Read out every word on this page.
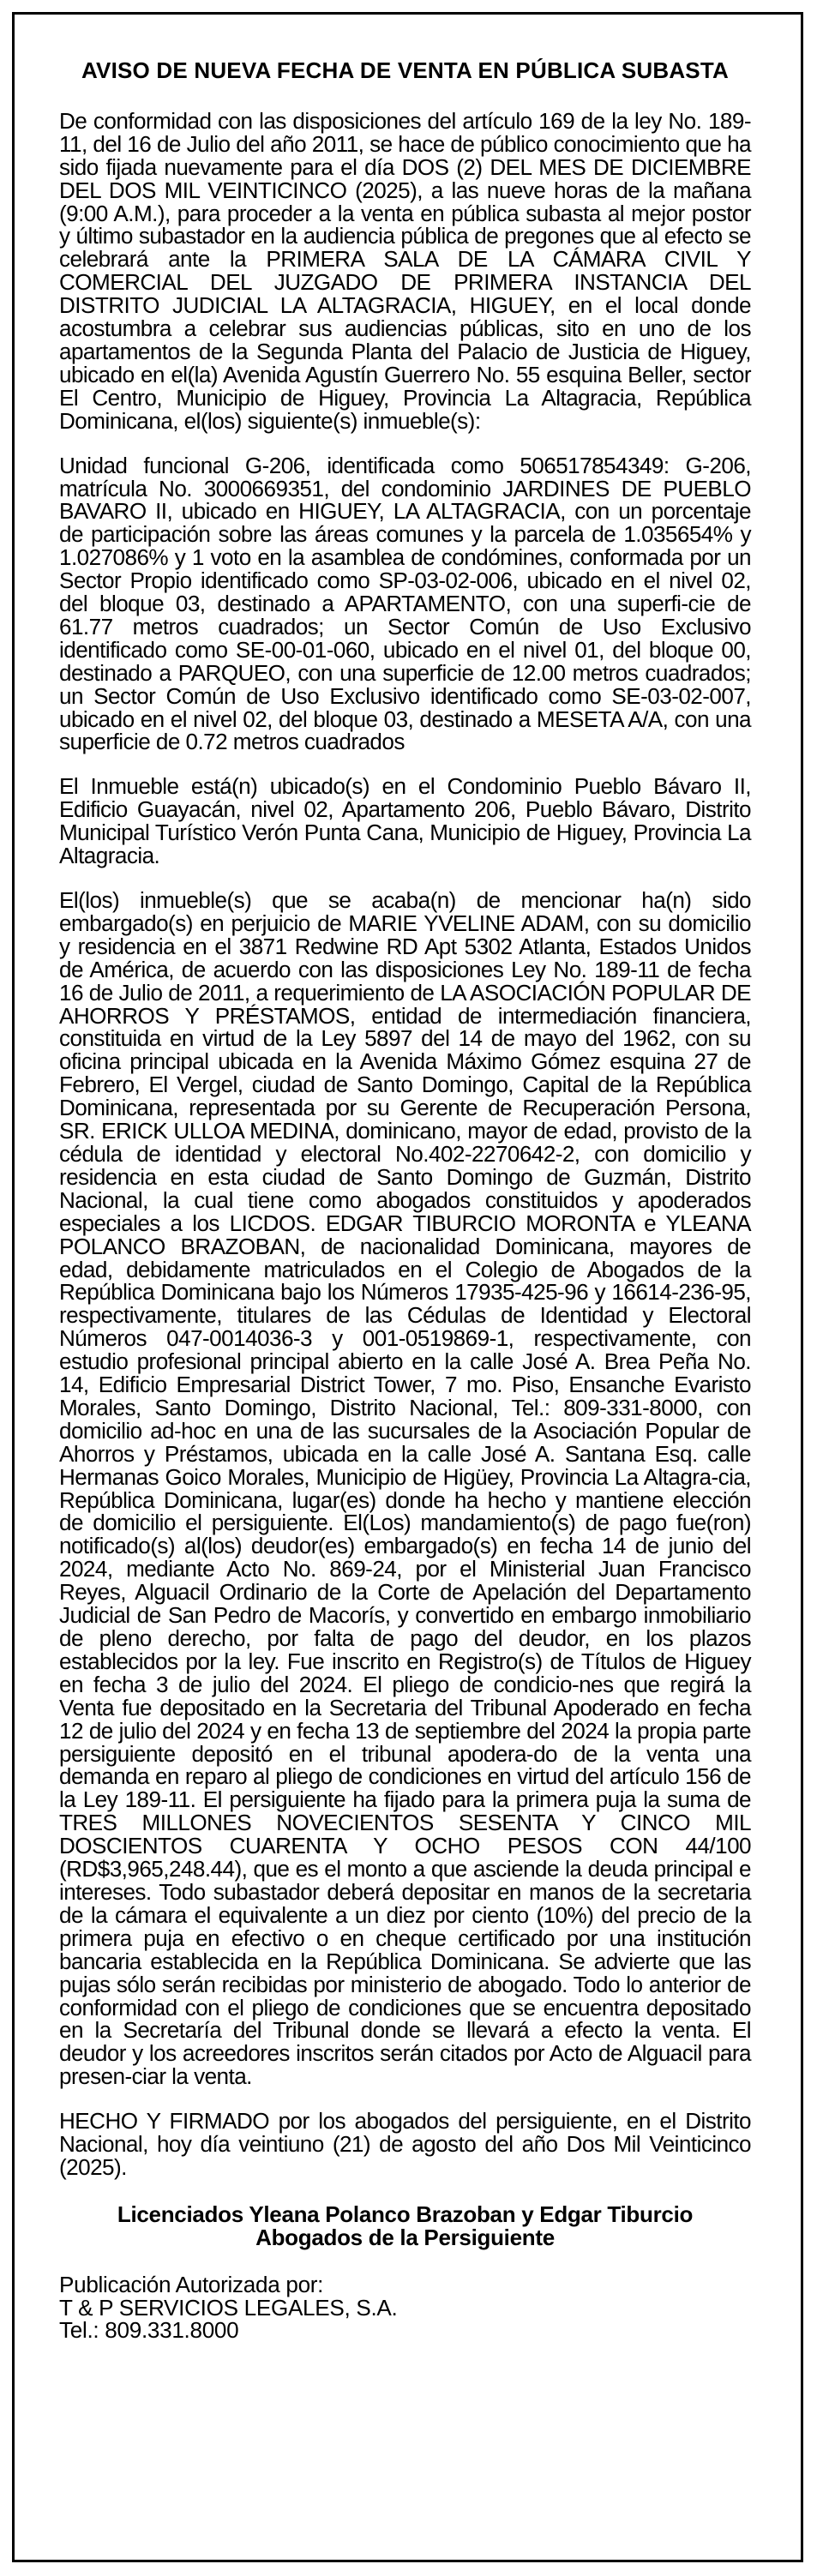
AVISO DE NUEVA FECHA DE VENTA EN PÚBLICA SUBASTA

De conformidad con las disposiciones del artículo 169 de la ley No. 189-11, del 16 de Julio del año 2011, se hace de público conocimiento que ha sido fijada nuevamente para el día DOS (2) DEL MES DE DICIEMBRE DEL DOS MIL VEINTICINCO (2025), a las nueve horas de la mañana (9:00 A.M.), para proceder a la venta en pública subasta al mejor postor y último subastador en la audiencia pública de pregones que al efecto se celebrará ante la PRIMERA SALA DE LA CÁMARA CIVIL Y COMERCIAL DEL JUZGADO DE PRIMERA INSTANCIA DEL DISTRITO JUDICIAL LA ALTAGRACIA, HIGUEY, en el local donde acostumbra a celebrar sus audiencias públicas, sito en uno de los apartamentos de la Segunda Planta del Palacio de Justicia de Higuey, ubicado en el(la) Avenida Agustín Guerrero No. 55 esquina Beller, sector El Centro, Municipio de Higuey, Provincia La Altagracia, República Dominicana, el(los) siguiente(s) inmueble(s):

Unidad funcional G-206, identificada como 506517854349: G-206, matrícula No. 3000669351, del condominio JARDINES DE PUEBLO BAVARO II, ubicado en HIGUEY, LA ALTAGRACIA, con un porcentaje de participación sobre las áreas comunes y la parcela de 1.035654% y 1.027086% y 1 voto en la asamblea de condómines, conformada por un Sector Propio identificado como SP-03-02-006, ubicado en el nivel 02, del bloque 03, destinado a APARTAMENTO, con una superfi-cie de 61.77 metros cuadrados; un Sector Común de Uso Exclusivo identificado como SE-00-01-060, ubicado en el nivel 01, del bloque 00, destinado a PARQUEO, con una superficie de 12.00 metros cuadrados; un Sector Común de Uso Exclusivo identificado como SE-03-02-007, ubicado en el nivel 02, del bloque 03, destinado a MESETA A/A, con una superficie de 0.72 metros cuadrados

El Inmueble está(n) ubicado(s) en el Condominio Pueblo Bávaro II, Edificio Guayacán, nivel 02, Apartamento 206, Pueblo Bávaro, Distrito Municipal Turístico Verón Punta Cana, Municipio de Higuey, Provincia La Altagracia.

El(los) inmueble(s) que se acaba(n) de mencionar ha(n) sido embargado(s) en perjuicio de MARIE YVELINE ADAM, con su domicilio y residencia en el 3871 Redwine RD Apt 5302 Atlanta, Estados Unidos de América, de acuerdo con las disposiciones Ley No. 189-11 de fecha 16 de Julio de 2011, a requerimiento de LA ASOCIACIÓN POPULAR DE AHORROS Y PRÉSTAMOS, entidad de intermediación financiera, constituida en virtud de la Ley 5897 del 14 de mayo del 1962, con su oficina principal ubicada en la Avenida Máximo Gómez esquina 27 de Febrero, El Vergel, ciudad de Santo Domingo, Capital de la República Dominicana, representada por su Gerente de Recuperación Persona, SR. ERICK ULLOA MEDINA, dominicano, mayor de edad, provisto de la cédula de identidad y electoral No.402-2270642-2, con domicilio y residencia en esta ciudad de Santo Domingo de Guzmán, Distrito Nacional, la cual tiene como abogados constituidos y apoderados especiales a los LICDOS. EDGAR TIBURCIO MORONTA e YLEANA POLANCO BRAZOBAN, de nacionalidad Dominicana, mayores de edad, debidamente matriculados en el Colegio de Abogados de la República Dominicana bajo los Números 17935-425-96 y 16614-236-95, respectivamente, titulares de las Cédulas de Identidad y Electoral Números 047-0014036-3 y 001-0519869-1, respectivamente, con estudio profesional principal abierto en la calle José A. Brea Peña No. 14, Edificio Empresarial District Tower, 7 mo. Piso, Ensanche Evaristo Morales, Santo Domingo, Distrito Nacional, Tel.: 809-331-8000, con domicilio ad-hoc en una de las sucursales de la Asociación Popular de Ahorros y Préstamos, ubicada en la calle José A. Santana Esq. calle Hermanas Goico Morales, Municipio de Higüey, Provincia La Altagra-cia, República Dominicana, lugar(es) donde ha hecho y mantiene elección de domicilio el persiguiente. El(Los) mandamiento(s) de pago fue(ron) notificado(s) al(los) deudor(es) embargado(s) en fecha 14 de junio del 2024, mediante Acto No. 869-24, por el Ministerial Juan Francisco Reyes, Alguacil Ordinario de la Corte de Apelación del Departamento Judicial de San Pedro de Macorís, y convertido en embargo inmobiliario de pleno derecho, por falta de pago del deudor, en los plazos establecidos por la ley. Fue inscrito en Registro(s) de Títulos de Higuey en fecha 3 de julio del 2024. El pliego de condicio-nes que regirá la Venta fue depositado en la Secretaria del Tribunal Apoderado en fecha 12 de julio del 2024 y en fecha 13 de septiembre del 2024 la propia parte persiguiente depositó en el tribunal apodera-do de la venta una demanda en reparo al pliego de condiciones en virtud del artículo 156 de la Ley 189-11. El persiguiente ha fijado para la primera puja la suma de TRES MILLONES NOVECIENTOS SESENTA Y CINCO MIL DOSCIENTOS CUARENTA Y OCHO PESOS CON 44/100 (RD$3,965,248.44), que es el monto a que asciende la deuda principal e intereses. Todo subastador deberá depositar en manos de la secretaria de la cámara el equivalente a un diez por ciento (10%) del precio de la primera puja en efectivo o en cheque certificado por una institución bancaria establecida en la República Dominicana. Se advierte que las pujas sólo serán recibidas por ministerio de abogado. Todo lo anterior de conformidad con el pliego de condiciones que se encuentra depositado en la Secretaría del Tribunal donde se llevará a efecto la venta. El deudor y los acreedores inscritos serán citados por Acto de Alguacil para presen-ciar la venta.

HECHO Y FIRMADO por los abogados del persiguiente, en el Distrito Nacional, hoy día veintiuno (21) de agosto del año Dos Mil Veinticinco (2025).

Licenciados Yleana Polanco Brazoban y Edgar Tiburcio
Abogados de la Persiguiente
Publicación Autorizada por:
T & P SERVICIOS LEGALES, S.A.
Tel.: 809.331.8000
